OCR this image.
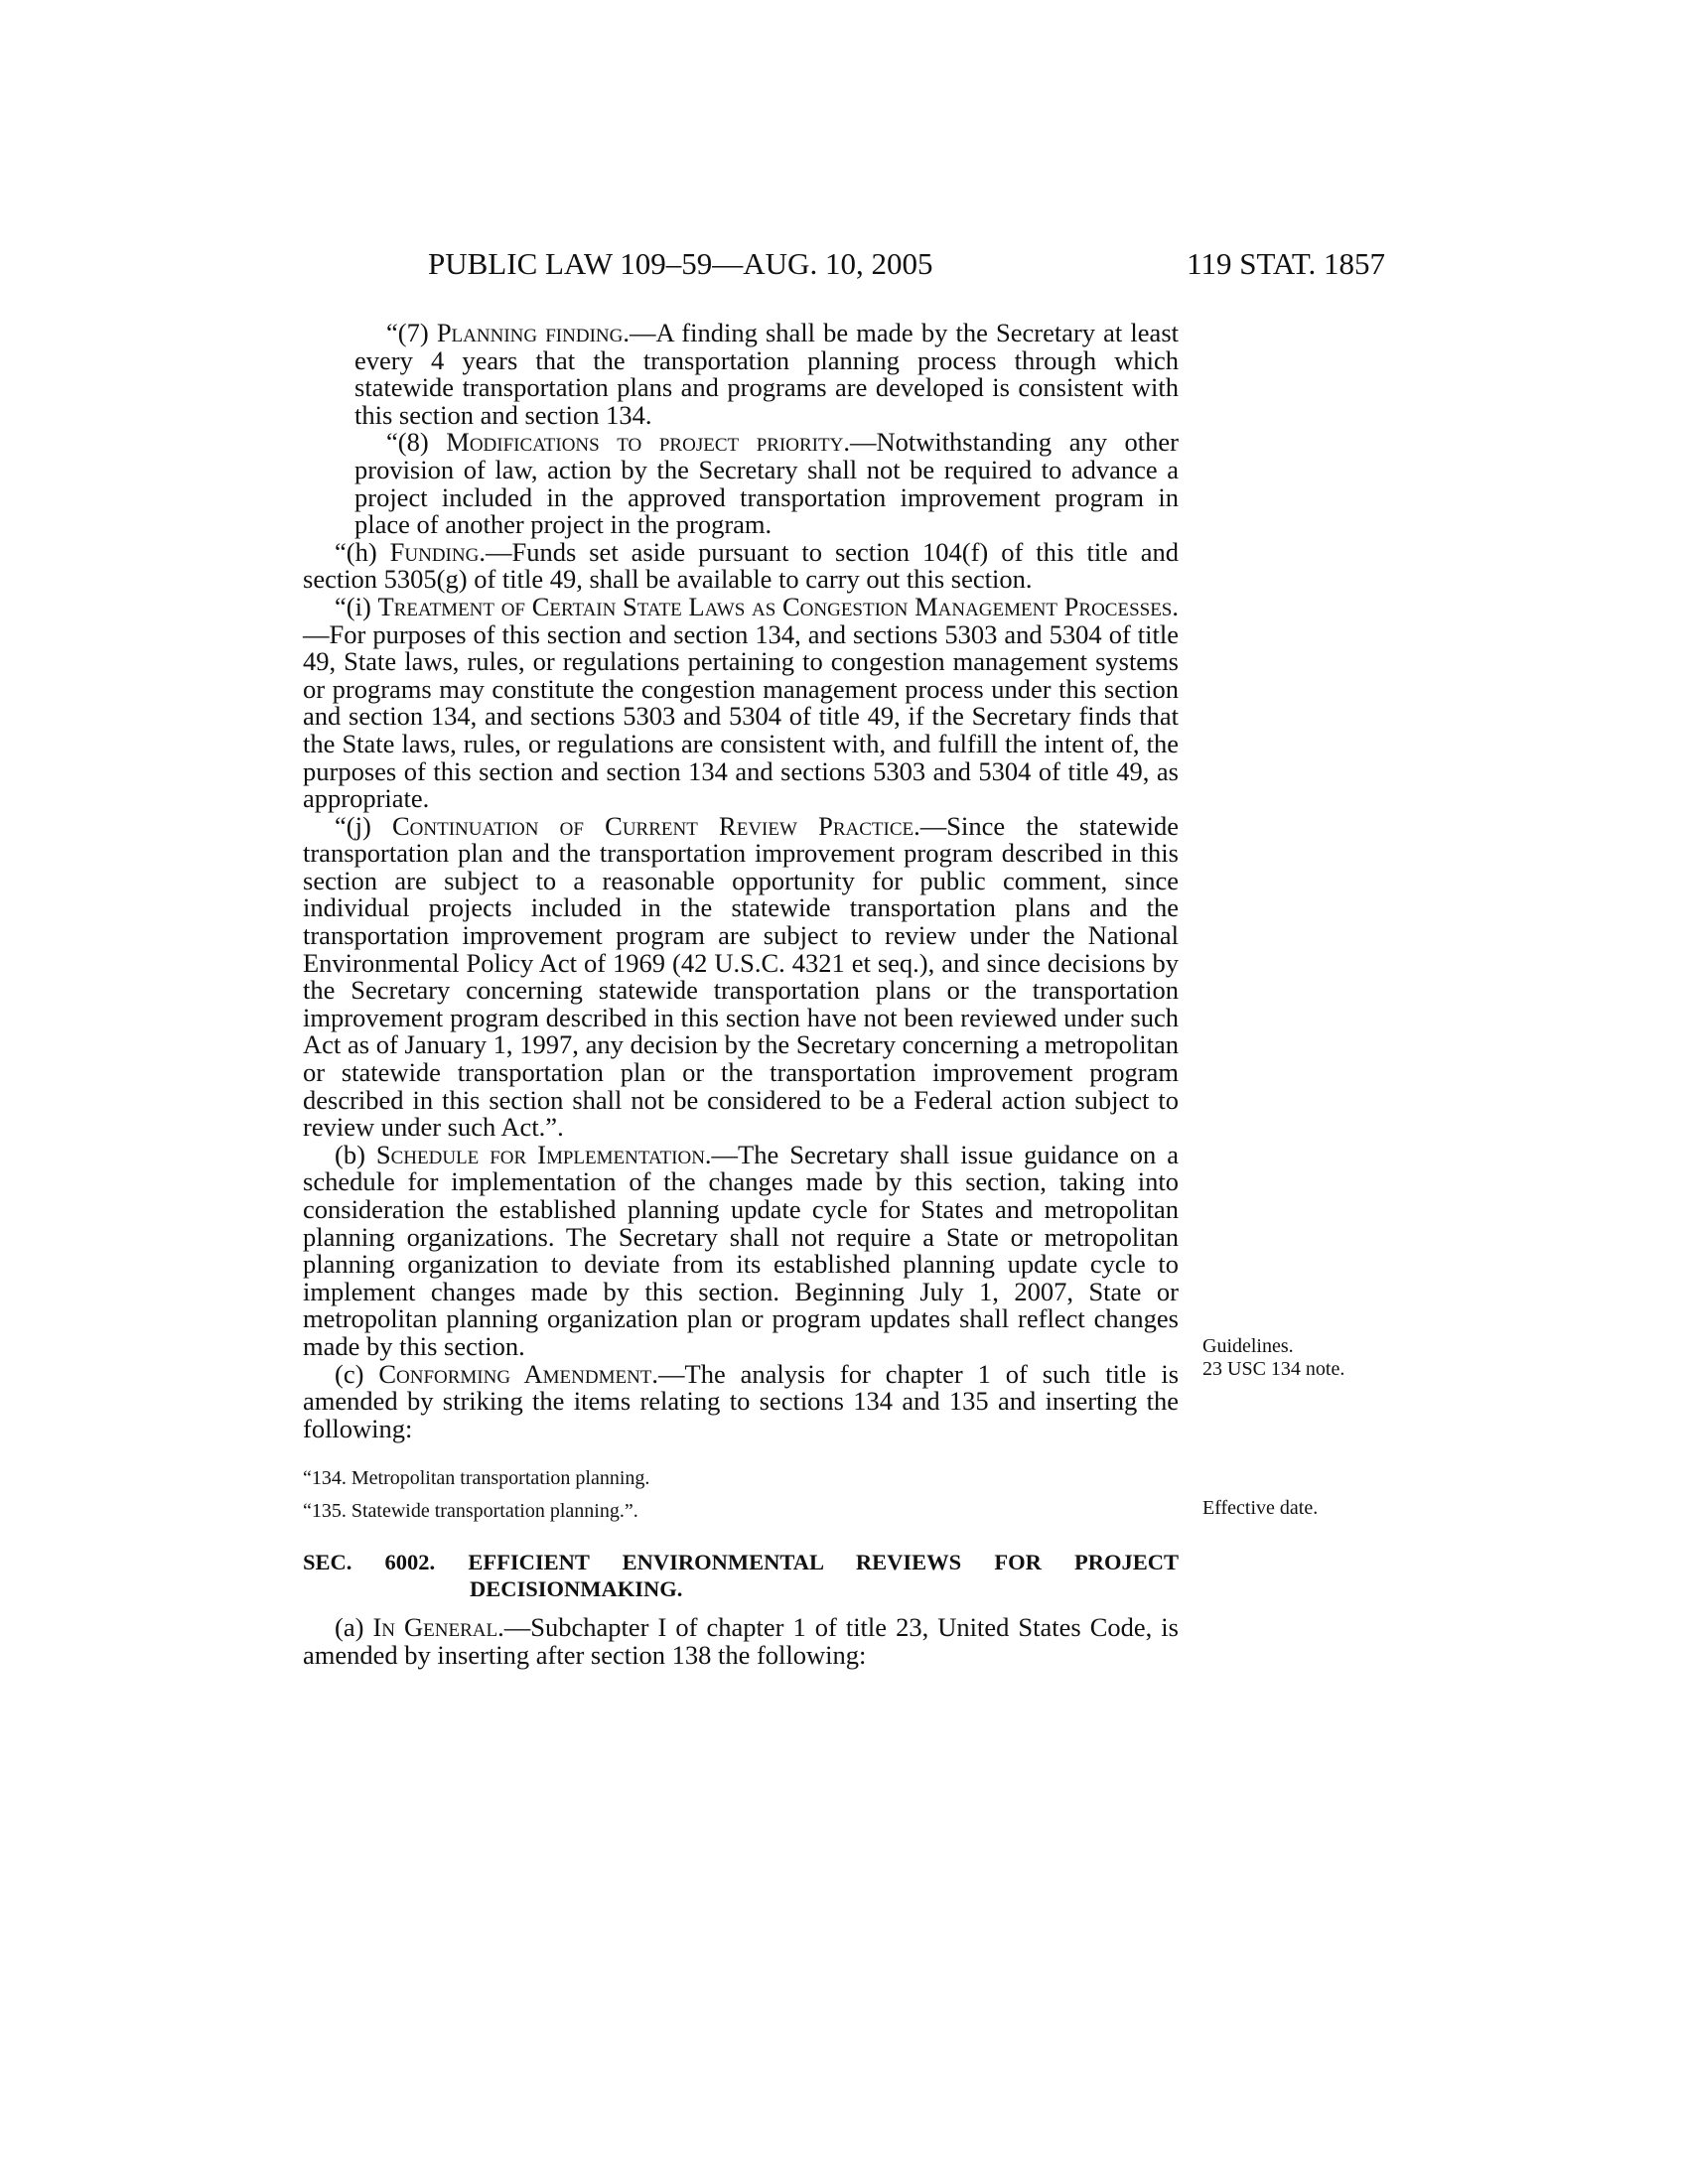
PUBLIC LAW 109–59—AUG. 10, 2005	119 STAT. 1857

“(7) Planning finding.—A finding shall be made by the Secretary at least every 4 years that the transportation planning process through which statewide transportation plans and programs are developed is consistent with this section and section 134.

“(8) Modifications to project priority.—Notwithstanding any other provision of law, action by the Secretary shall not be required to advance a project included in the approved transportation improvement program in place of another project in the program.

“(h) Funding.—Funds set aside pursuant to section 104(f) of this title and section 5305(g) of title 49, shall be available to carry out this section.

“(i) Treatment of Certain State Laws as Congestion Management Processes.—For purposes of this section and section 134, and sections 5303 and 5304 of title 49, State laws, rules, or regulations pertaining to congestion management systems or programs may constitute the congestion management process under this section and section 134, and sections 5303 and 5304 of title 49, if the Secretary finds that the State laws, rules, or regulations are consistent with, and fulfill the intent of, the purposes of this section and section 134 and sections 5303 and 5304 of title 49, as appropriate.

“(j) Continuation of Current Review Practice.—Since the statewide transportation plan and the transportation improvement program described in this section are subject to a reasonable opportunity for public comment, since individual projects included in the statewide transportation plans and the transportation improvement program are subject to review under the National Environmental Policy Act of 1969 (42 U.S.C. 4321 et seq.), and since decisions by the Secretary concerning statewide transportation plans or the transportation improvement program described in this section have not been reviewed under such Act as of January 1, 1997, any decision by the Secretary concerning a metropolitan or statewide transportation plan or the transportation improvement program described in this section shall not be considered to be a Federal action subject to review under such Act.”.

(b) Schedule for Implementation.—The Secretary shall issue guidance on a schedule for implementation of the changes made by this section, taking into consideration the established planning update cycle for States and metropolitan planning organizations. The Secretary shall not require a State or metropolitan planning organization to deviate from its established planning update cycle to implement changes made by this section. Beginning July 1, 2007, State or metropolitan planning organization plan or program updates shall reflect changes made by this section.

(c) Conforming Amendment.—The analysis for chapter 1 of such title is amended by striking the items relating to sections 134 and 135 and inserting the following:

“134. Metropolitan transportation planning.
“135. Statewide transportation planning.”.
SEC. 6002. EFFICIENT ENVIRONMENTAL REVIEWS FOR PROJECT DECISIONMAKING.

(a) In General.—Subchapter I of chapter 1 of title 23, United States Code, is amended by inserting after section 138 the following:

Guidelines.
23 USC 134 note.
Effective date.
